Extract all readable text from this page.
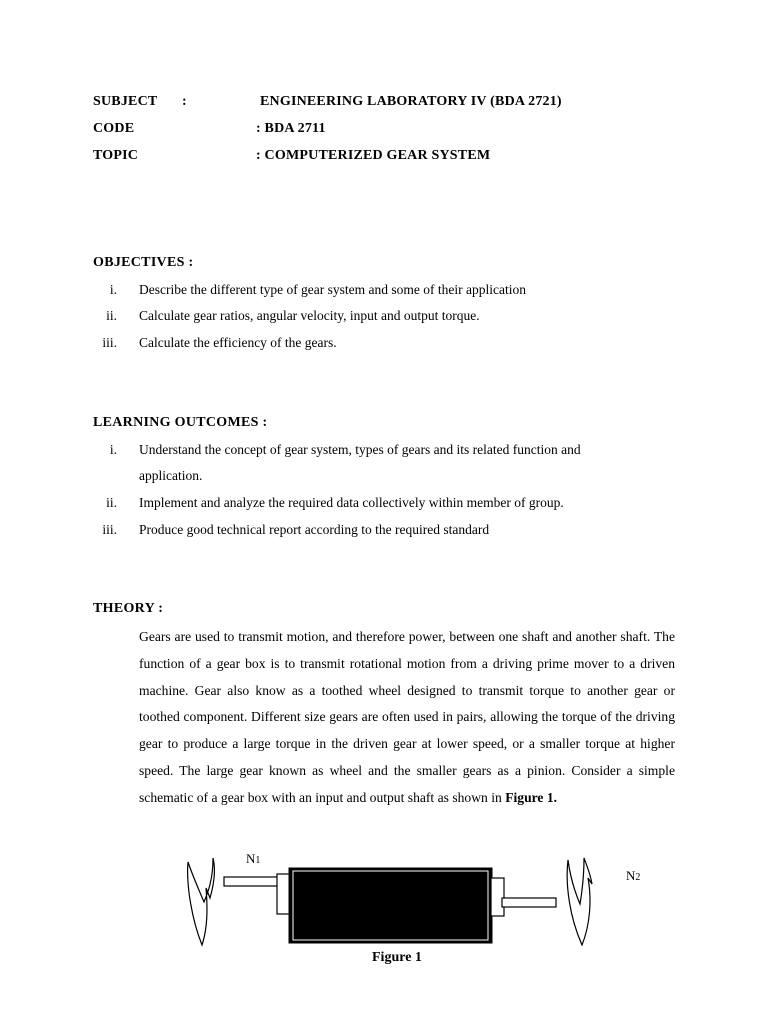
SUBJECT :	ENGINEERING LABORATORY IV (BDA 2721)
CODE	: BDA 2711
TOPIC	: COMPUTERIZED GEAR SYSTEM
OBJECTIVES :
i. Describe the different type of gear system and some of their application
ii. Calculate gear ratios, angular velocity, input and output torque.
iii. Calculate the efficiency of the gears.
LEARNING OUTCOMES :
i. Understand the concept of gear system, types of gears and its related function and
application.
ii. Implement and analyze the required data collectively within member of group.
iii. Produce good technical report according to the required standard
THEORY :
Gears are used to transmit motion, and therefore power, between one shaft and another shaft. The function of a gear box is to transmit rotational motion from a driving prime mover to a driven machine. Gear also know as a toothed wheel designed to transmit torque to another gear or toothed component. Different size gears are often used in pairs, allowing the torque of the driving gear to produce a large torque in the driven gear at lower speed, or a smaller torque at higher speed. The large gear known as wheel and the smaller gears as a pinion. Consider a simple schematic of a gear box with an input and output shaft as shown in Figure 1.
N1
N2
Figure 1
